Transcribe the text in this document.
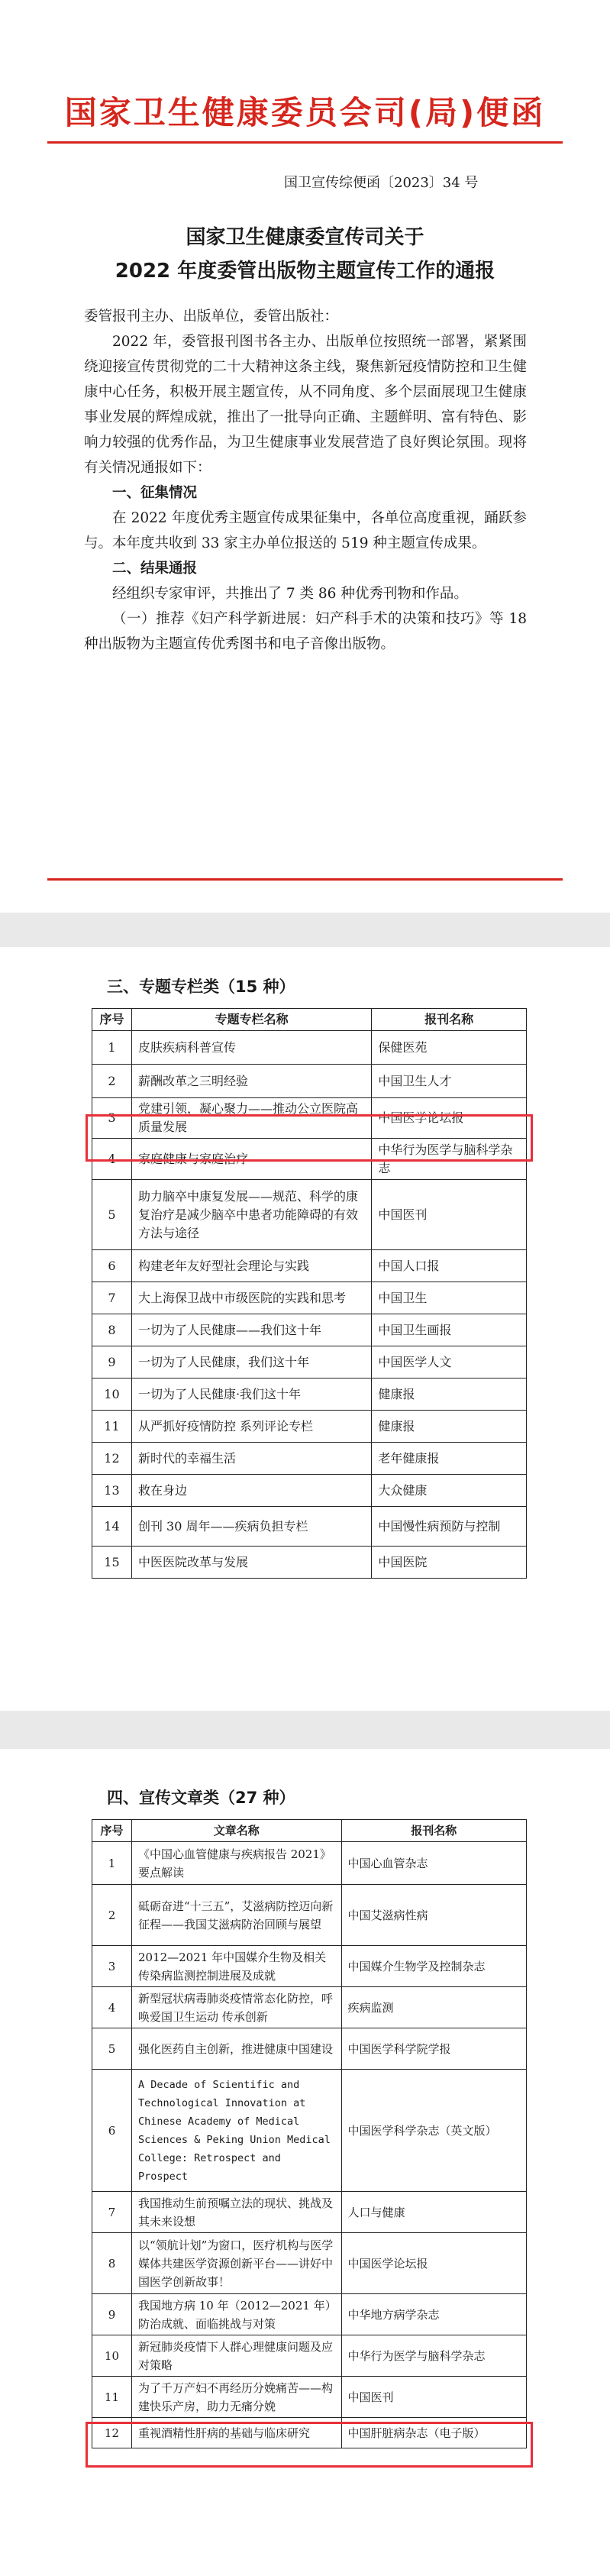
国家卫生健康委员会司(局)便函
国卫宣传综便函〔2023〕34 号
国家卫生健康委宣传司关于
2022 年度委管出版物主题宣传工作的通报

委管报刊主办、出版单位，委管出版社：

2022 年，委管报刊图书各主办、出版单位按照统一部署，紧紧围绕迎接宣传贯彻党的二十大精神这条主线，聚焦新冠疫情防控和卫生健康中心任务，积极开展主题宣传，从不同角度、多个层面展现卫生健康事业发展的辉煌成就，推出了一批导向正确、主题鲜明、富有特色、影响力较强的优秀作品，为卫生健康事业发展营造了良好舆论氛围。现将有关情况通报如下：

一、征集情况

在 2022 年度优秀主题宣传成果征集中，各单位高度重视，踊跃参与。本年度共收到 33 家主办单位报送的 519 种主题宣传成果。

二、结果通报

经组织专家审评，共推出了 7 类 86 种优秀刊物和作品。

（一）推荐《妇产科学新进展：妇产科手术的决策和技巧》等 18 种出版物为主题宣传优秀图书和电子音像出版物。

三、专题专栏类（15 种）
序号	专题专栏名称	报刊名称
1	皮肤疾病科普宣传	保健医苑
2	薪酬改革之三明经验	中国卫生人才
3	党建引领，凝心聚力——推动公立医院高质量发展	中国医学论坛报
4	家庭健康与家庭治疗	中华行为医学与脑科学杂志
5	助力脑卒中康复发展——规范、科学的康复治疗是减少脑卒中患者功能障碍的有效方法与途径	中国医刊
6	构建老年友好型社会理论与实践	中国人口报
7	大上海保卫战中市级医院的实践和思考	中国卫生
8	一切为了人民健康——我们这十年	中国卫生画报
9	一切为了人民健康，我们这十年	中国医学人文
10	一切为了人民健康·我们这十年	健康报
11	从严抓好疫情防控 系列评论专栏	健康报
12	新时代的幸福生活	老年健康报
13	救在身边	大众健康
14	创刊 30 周年——疾病负担专栏	中国慢性病预防与控制
15	中医医院改革与发展	中国医院
四、宣传文章类（27 种）
序号	文章名称	报刊名称
1	《中国心血管健康与疾病报告 2021》要点解读	中国心血管杂志
2	砥砺奋进“十三五”，艾滋病防控迈向新征程——我国艾滋病防治回顾与展望	中国艾滋病性病
3	2012—2021 年中国媒介生物及相关传染病监测控制进展及成就	中国媒介生物学及控制杂志
4	新型冠状病毒肺炎疫情常态化防控，呼唤爱国卫生运动 传承创新	疾病监测
5	强化医药自主创新，推进健康中国建设	中国医学科学院学报
6	A Decade of Scientific and Technological Innovation at Chinese Academy of Medical Sciences & Peking Union Medical College: Retrospect and Prospect	中国医学科学杂志（英文版）
7	我国推动生前预嘱立法的现状、挑战及其未来设想	人口与健康
8	以“领航计划”为窗口，医疗机构与医学媒体共建医学资源创新平台——讲好中国医学创新故事！	中国医学论坛报
9	我国地方病 10 年（2012—2021 年）防治成就、面临挑战与对策	中华地方病学杂志
10	新冠肺炎疫情下人群心理健康问题及应对策略	中华行为医学与脑科学杂志
11	为了千万产妇不再经历分娩痛苦——构建快乐产房，助力无痛分娩	中国医刊
12	重视酒精性肝病的基础与临床研究	中国肝脏病杂志（电子版）
